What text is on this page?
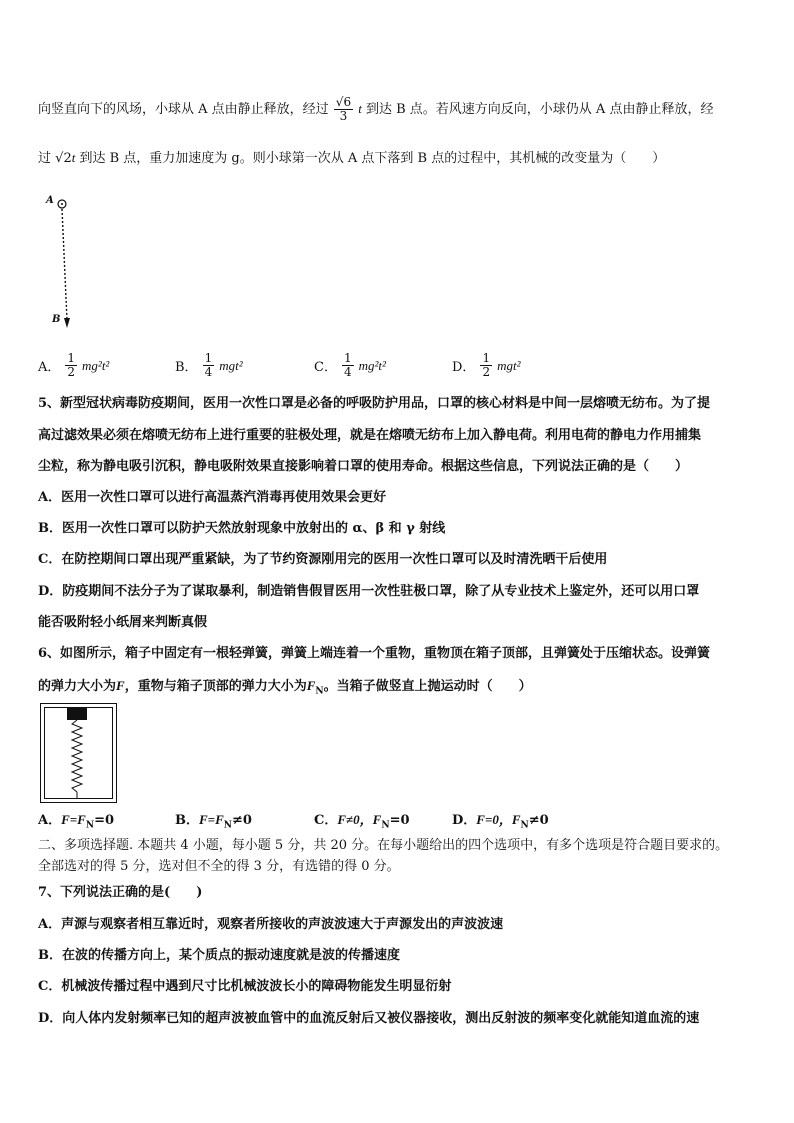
向竖直向下的风场，小球从 A 点由静止释放，经过 $\frac{√6}{3}$ t 到达 B 点。若风速方向反向，小球仍从 A 点由静止释放，经
过 √2t 到达 B 点，重力加速度为 g。则小球第一次从 A 点下落到 B 点的过程中，其机械的改变量为（　　）
A
B
A． $\frac{1}{2} mg^2t^2$	B． $\frac{1}{4} mgt^2$	C． $\frac{1}{4} mg^2t^2$	D． $\frac{1}{2} mgt^2$
5、新型冠状病毒防疫期间，医用一次性口罩是必备的呼吸防护用品，口罩的核心材料是中间一层熔喷无纺布。为了提
高过滤效果必须在熔喷无纺布上进行重要的驻极处理，就是在熔喷无纺布上加入静电荷。利用电荷的静电力作用捕集
尘粒，称为静电吸引沉积，静电吸附效果直接影响着口罩的使用寿命。根据这些信息，下列说法正确的是（　　）
A．医用一次性口罩可以进行高温蒸汽消毒再使用效果会更好
B．医用一次性口罩可以防护天然放射现象中放射出的 α、β 和 γ 射线
C．在防控期间口罩出现严重紧缺，为了节约资源刚用完的医用一次性口罩可以及时清洗晒干后使用
D．防疫期间不法分子为了谋取暴利，制造销售假冒医用一次性驻极口罩，除了从专业技术上鉴定外，还可以用口罩
能否吸附轻小纸屑来判断真假
6、如图所示，箱子中固定有一根轻弹簧，弹簧上端连着一个重物，重物顶在箱子顶部，且弹簧处于压缩状态。设弹簧
的弹力大小为F，重物与箱子顶部的弹力大小为$F_N$。当箱子做竖直上抛运动时（　　）
A．$F=F_N=0$	B．$F=F_N\ne 0$	C．F≠0，$F_N=0$	D．F=0，$F_N\ne 0$
二、多项选择题. 本题共 4 小题，每小题 5 分，共 20 分。在每小题给出的四个选项中，有多个选项是符合题目要求的。
全部选对的得 5 分，选对但不全的得 3 分，有选错的得 0 分。
7、下列说法正确的是(　　)
A．声源与观察者相互靠近时，观察者所接收的声波波速大于声源发出的声波波速
B．在波的传播方向上，某个质点的振动速度就是波的传播速度
C．机械波传播过程中遇到尺寸比机械波波长小的障碍物能发生明显衍射
D．向人体内发射频率已知的超声波被血管中的血流反射后又被仪器接收，测出反射波的频率变化就能知道血流的速
